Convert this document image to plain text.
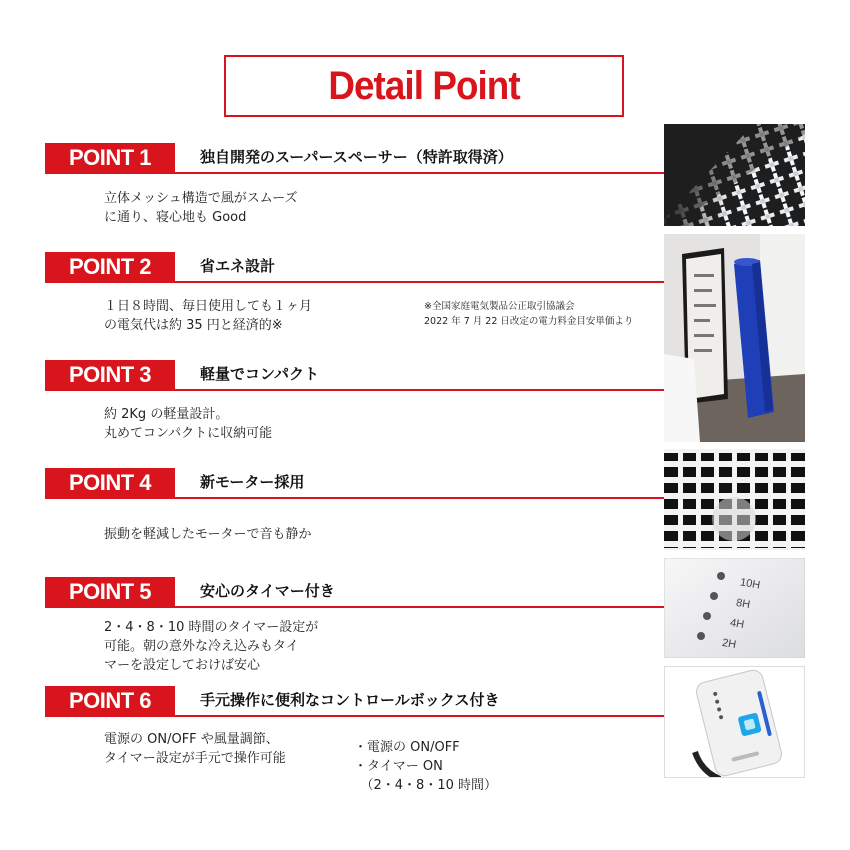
Detail Point
POINT 1	独自開発のスーパースペーサー（特許取得済）
立体メッシュ構造で風がスムーズ
に通り、寝心地も Good
POINT 2	省エネ設計
１日８時間、毎日使用しても１ヶ月
の電気代は約 35 円と経済的※
※全国家庭電気製品公正取引協議会
2022 年 7 月 22 日改定の電力料金目安単価より
POINT 3	軽量でコンパクト
約 2Kg の軽量設計。
丸めてコンパクトに収納可能
POINT 4	新モーター採用
振動を軽減したモーターで音も静か
POINT 5	安心のタイマー付き
2・4・8・10 時間のタイマー設定が
可能。朝の意外な冷え込みもタイ
マーを設定しておけば安心
POINT 6	手元操作に便利なコントロールボックス付き
電源の ON/OFF や風量調節、
タイマー設定が手元で操作可能
・電源の ON/OFF
・タイマー ON
　（2・4・8・10 時間）
10H
8H
4H
2H
